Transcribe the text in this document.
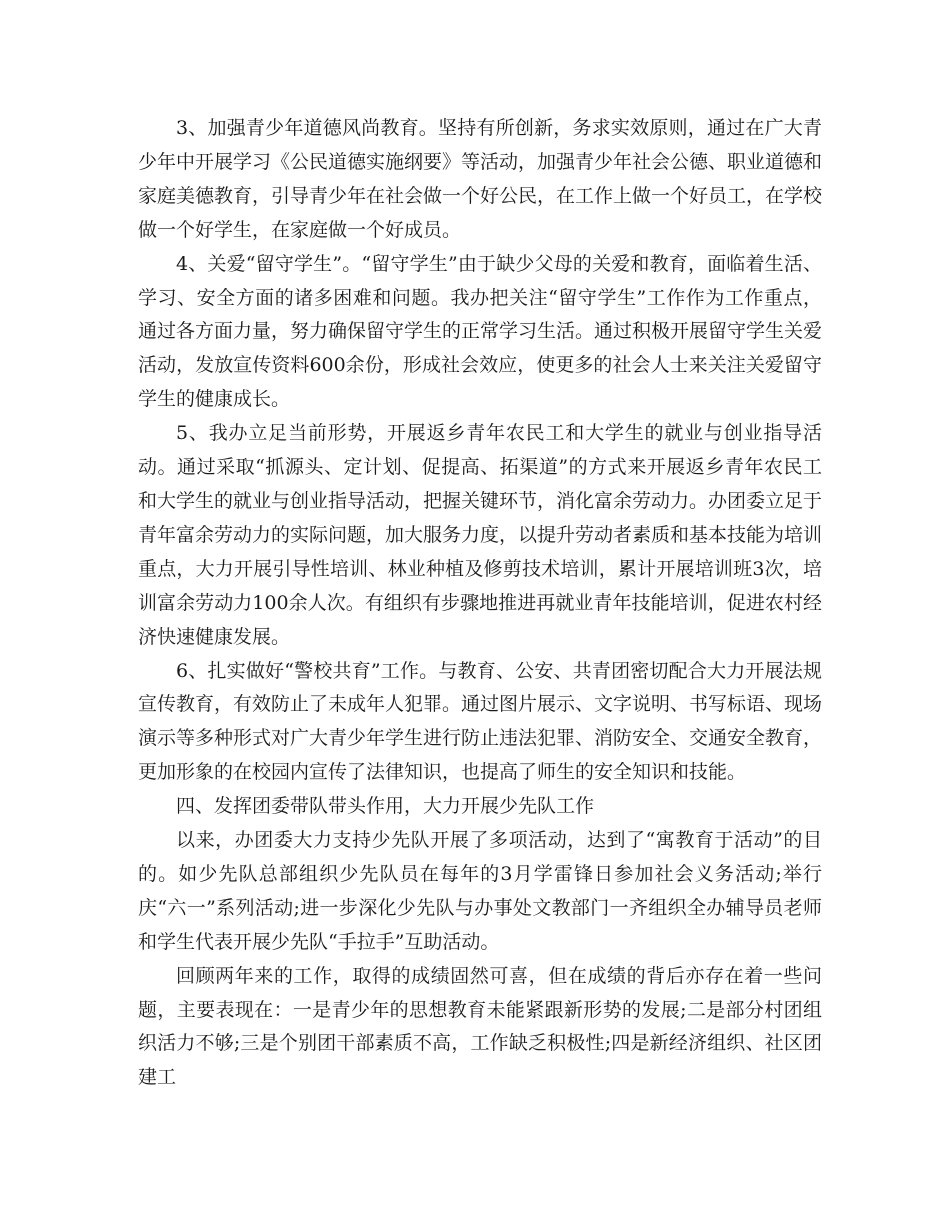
3、加强青少年道德风尚教育。坚持有所创新，务求实效原则，通过在广大青少年中开展学习《公民道德实施纲要》等活动，加强青少年社会公德、职业道德和家庭美德教育，引导青少年在社会做一个好公民，在工作上做一个好员工，在学校做一个好学生，在家庭做一个好成员。

4、关爱“留守学生”。“留守学生”由于缺少父母的关爱和教育，面临着生活、学习、安全方面的诸多困难和问题。我办把关注“留守学生”工作作为工作重点，通过各方面力量，努力确保留守学生的正常学习生活。通过积极开展留守学生关爱活动，发放宣传资料600余份，形成社会效应，使更多的社会人士来关注关爱留守学生的健康成长。

5、我办立足当前形势，开展返乡青年农民工和大学生的就业与创业指导活动。通过采取“抓源头、定计划、促提高、拓渠道”的方式来开展返乡青年农民工和大学生的就业与创业指导活动，把握关键环节，消化富余劳动力。办团委立足于青年富余劳动力的实际问题，加大服务力度，以提升劳动者素质和基本技能为培训重点，大力开展引导性培训、林业种植及修剪技术培训，累计开展培训班3次，培训富余劳动力100余人次。有组织有步骤地推进再就业青年技能培训，促进农村经济快速健康发展。

6、扎实做好“警校共育”工作。与教育、公安、共青团密切配合大力开展法规宣传教育，有效防止了未成年人犯罪。通过图片展示、文字说明、书写标语、现场演示等多种形式对广大青少年学生进行防止违法犯罪、消防安全、交通安全教育，更加形象的在校园内宣传了法律知识，也提高了师生的安全知识和技能。

四、发挥团委带队带头作用，大力开展少先队工作

以来，办团委大力支持少先队开展了多项活动，达到了“寓教育于活动”的目的。如少先队总部组织少先队员在每年的3月学雷锋日参加社会义务活动;举行庆“六一”系列活动;进一步深化少先队与办事处文教部门一齐组织全办辅导员老师和学生代表开展少先队“手拉手”互助活动。

回顾两年来的工作，取得的成绩固然可喜，但在成绩的背后亦存在着一些问题，主要表现在：一是青少年的思想教育未能紧跟新形势的发展;二是部分村团组织活力不够;三是个别团干部素质不高，工作缺乏积极性;四是新经济组织、社区团建工
